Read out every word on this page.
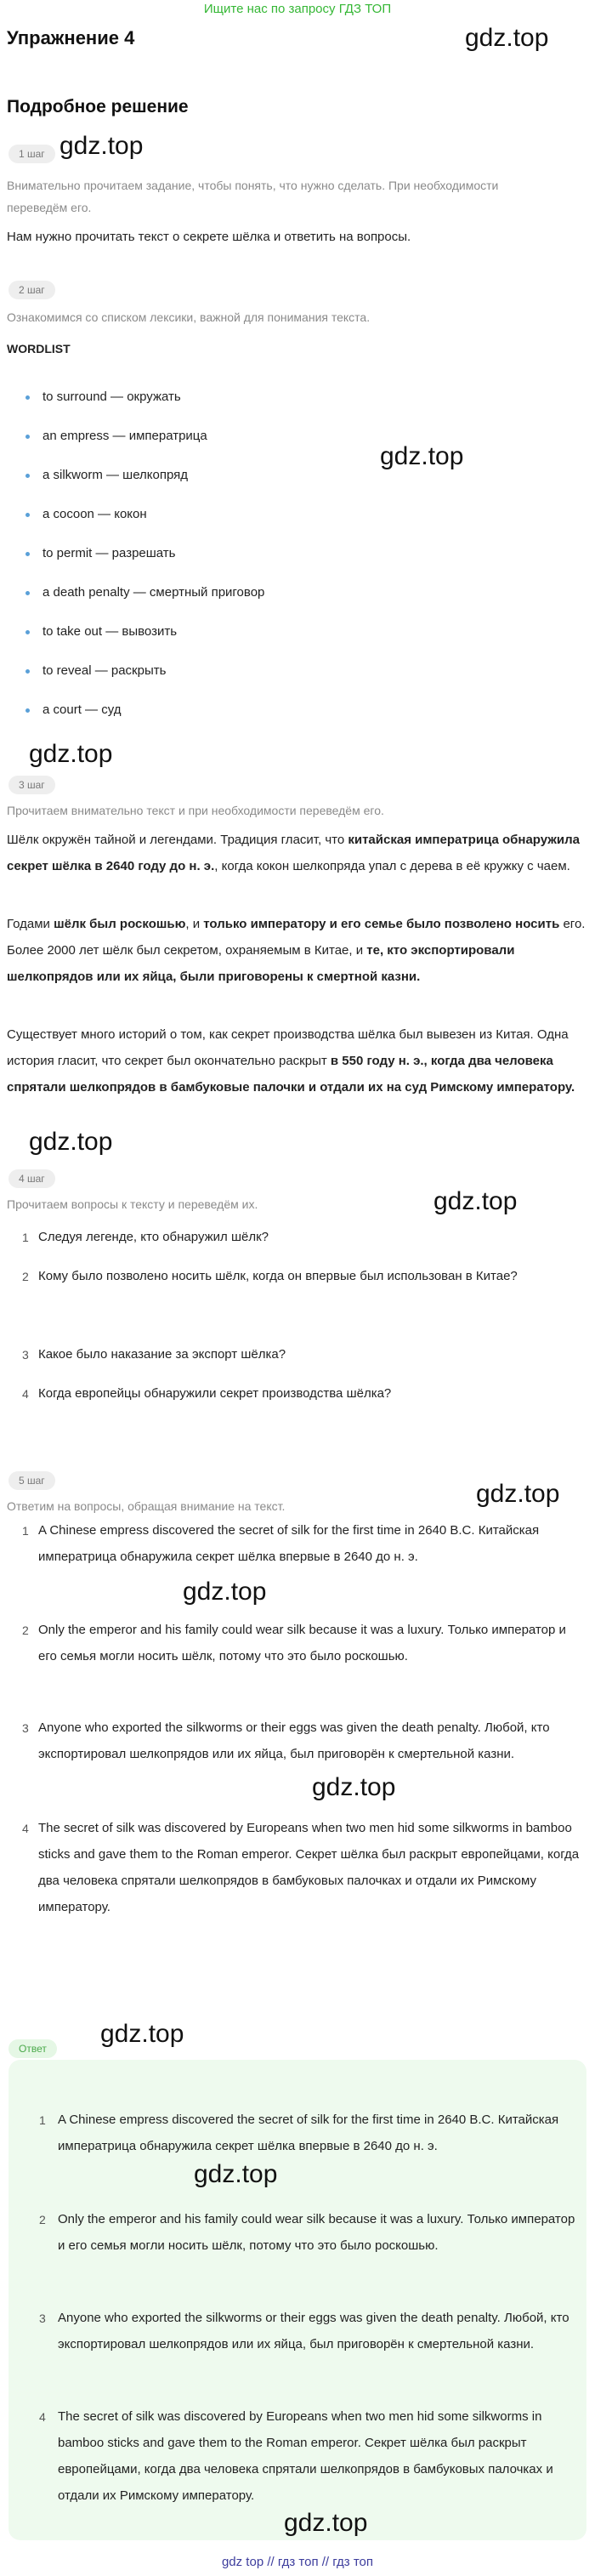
Ищите нас по запросу ГДЗ ТОП
Упражнение 4	gdz.top
Подробное решение
1 шаг gdz.top
Внимательно прочитаем задание, чтобы понять, что нужно сделать. При необходимости переведём его.
Нам нужно прочитать текст о секрете шёлка и ответить на вопросы.
2 шаг
Ознакомимся со списком лексики, важной для понимания текста.
WORDLIST
to surround — окружать
an empress — императрица
a silkworm — шелкопряд
a cocoon — кокон
to permit — разрешать
a death penalty — смертный приговор
to take out — вывозить
to reveal — раскрыть
a court — суд
gdz.top
gdz.top
3 шаг
Прочитаем внимательно текст и при необходимости переведём его.
Шёлк окружён тайной и легендами. Традиция гласит, что китайская императрица обнаружила секрет шёлка в 2640 году до н. э., когда кокон шелкопряда упал с дерева в её кружку с чаем.
Годами шёлк был роскошью, и только императору и его семье было позволено носить его. Более 2000 лет шёлк был секретом, охраняемым в Китае, и те, кто экспортировали шелкопрядов или их яйца, были приговорены к смертной казни.
Существует много историй о том, как секрет производства шёлка был вывезен из Китая. Одна история гласит, что секрет был окончательно раскрыт в 550 году н. э., когда два человека спрятали шелкопрядов в бамбуковые палочки и отдали их на суд Римскому императору.
gdz.top
4 шаг
Прочитаем вопросы к тексту и переведём их.	gdz.top
1 Следуя легенде, кто обнаружил шёлк?
2 Кому было позволено носить шёлк, когда он впервые был использован в Китае?
3 Какое было наказание за экспорт шёлка?
4 Когда европейцы обнаружили секрет производства шёлка?
5 шаг
Ответим на вопросы, обращая внимание на текст.	gdz.top
1 A Chinese empress discovered the secret of silk for the first time in 2640 B.C. Китайская императрица обнаружила секрет шёлка впервые в 2640 до н. э.
gdz.top
2 Only the emperor and his family could wear silk because it was a luxury. Только император и его семья могли носить шёлк, потому что это было роскошью.
3 Anyone who exported the silkworms or their eggs was given the death penalty. Любой, кто экспортировал шелкопрядов или их яйца, был приговорён к смертельной казни.
gdz.top
4 The secret of silk was discovered by Europeans when two men hid some silkworms in bamboo sticks and gave them to the Roman emperor. Секрет шёлка был раскрыт европейцами, когда два человека спрятали шелкопрядов в бамбуковых палочках и отдали их Римскому императору.
Ответ
gdz.top
1 A Chinese empress discovered the secret of silk for the first time in 2640 B.C. Китайская императрица обнаружила секрет шёлка впервые в 2640 до н. э.
gdz.top
2 Only the emperor and his family could wear silk because it was a luxury. Только император и его семья могли носить шёлк, потому что это было роскошью.
3 Anyone who exported the silkworms or their eggs was given the death penalty. Любой, кто экспортировал шелкопрядов или их яйца, был приговорён к смертельной казни.
4 The secret of silk was discovered by Europeans when two men hid some silkworms in bamboo sticks and gave them to the Roman emperor. Секрет шёлка был раскрыт европейцами, когда два человека спрятали шелкопрядов в бамбуковых палочках и отдали их Римскому императору.
gdz.top
gdz top // гдз топ // гдз топ
